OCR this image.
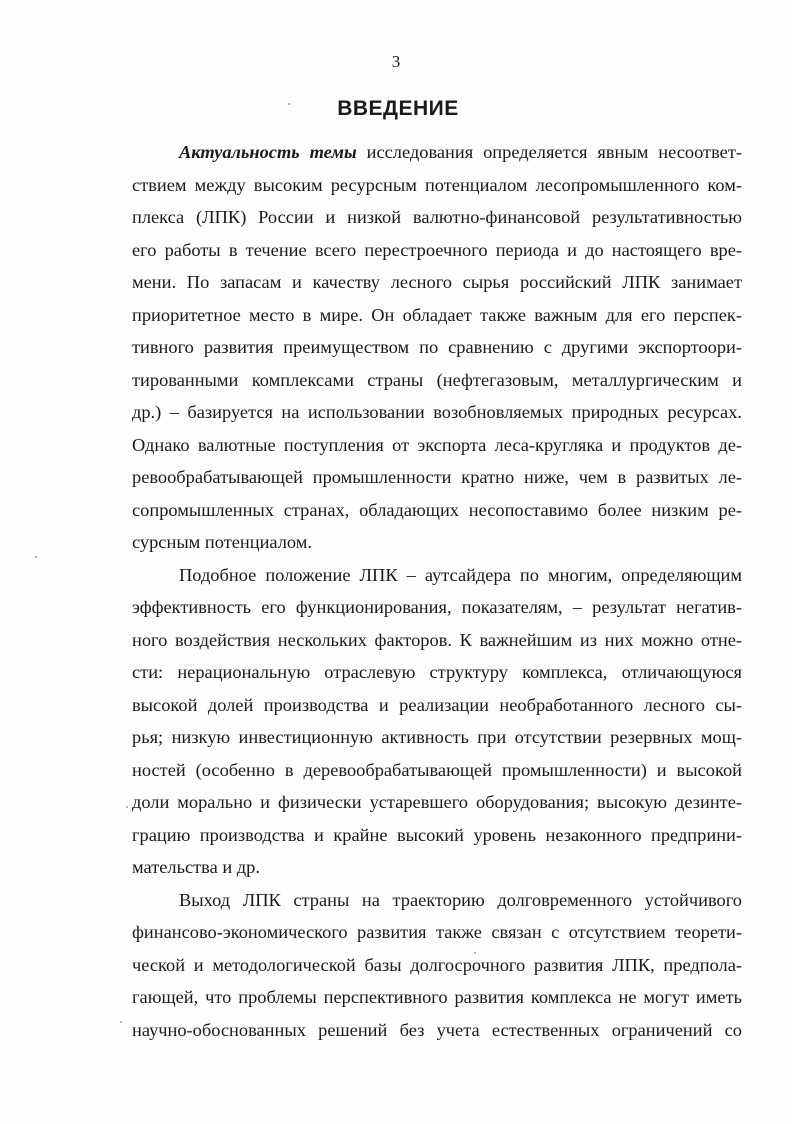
3
ВВЕДЕНИЕ
Актуальность темы исследования определяется явным несоответ-
ствием между высоким ресурсным потенциалом лесопромышленного ком-
плекса (ЛПК) России и низкой валютно-финансовой результативностью
его работы в течение всего перестроечного периода и до настоящего вре-
мени. По запасам и качеству лесного сырья российский ЛПК занимает
приоритетное место в мире. Он обладает также важным для его перспек-
тивного развития преимуществом по сравнению с другими экспортоори-
тированными комплексами страны (нефтегазовым, металлургическим и
др.) – базируется на использовании возобновляемых природных ресурсах.
Однако валютные поступления от экспорта леса-кругляка и продуктов де-
ревообрабатывающей промышленности кратно ниже, чем в развитых ле-
сопромышленных странах, обладающих несопоставимо более низким ре-
сурсным потенциалом.
Подобное положение ЛПК – аутсайдера по многим, определяющим
эффективность его функционирования, показателям, – результат негатив-
ного воздействия нескольких факторов. К важнейшим из них можно отне-
сти: нерациональную отраслевую структуру комплекса, отличающуюся
высокой долей производства и реализации необработанного лесного сы-
рья; низкую инвестиционную активность при отсутствии резервных мощ-
ностей (особенно в деревообрабатывающей промышленности) и высокой
доли морально и физически устаревшего оборудования; высокую дезинте-
грацию производства и крайне высокий уровень незаконного предприни-
мательства и др.
Выход ЛПК страны на траекторию долговременного устойчивого
финансово-экономического развития также связан с отсутствием теорети-
ческой и методологической базы долгосрочного развития ЛПК, предпола-
гающей, что проблемы перспективного развития комплекса не могут иметь
научно-обоснованных решений без учета естественных ограничений со
